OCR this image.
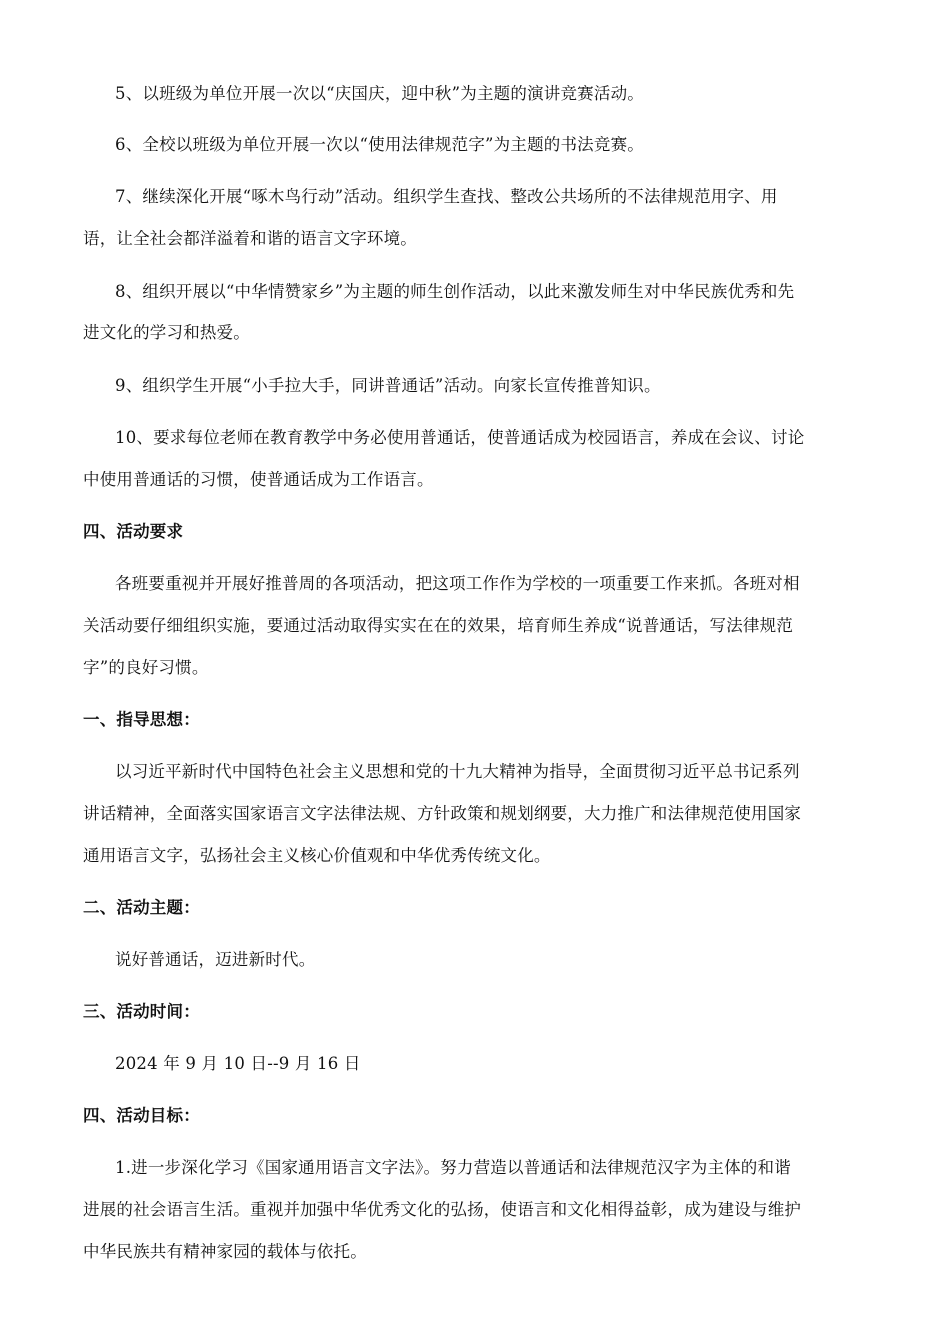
5、以班级为单位开展一次以“庆国庆，迎中秋”为主题的演讲竞赛活动。
6、全校以班级为单位开展一次以“使用法律规范字”为主题的书法竞赛。
7、继续深化开展“啄木鸟行动”活动。组织学生查找、整改公共场所的不法律规范用字、用
语，让全社会都洋溢着和谐的语言文字环境。
8、组织开展以“中华情赞家乡”为主题的师生创作活动，以此来激发师生对中华民族优秀和先
进文化的学习和热爱。
9、组织学生开展“小手拉大手，同讲普通话”活动。向家长宣传推普知识。
10、要求每位老师在教育教学中务必使用普通话，使普通话成为校园语言，养成在会议、讨论
中使用普通话的习惯，使普通话成为工作语言。
四、活动要求
各班要重视并开展好推普周的各项活动，把这项工作作为学校的一项重要工作来抓。各班对相
关活动要仔细组织实施，要通过活动取得实实在在的效果，培育师生养成“说普通话，写法律规范
字”的良好习惯。
一、指导思想：
以习近平新时代中国特色社会主义思想和党的十九大精神为指导，全面贯彻习近平总书记系列
讲话精神，全面落实国家语言文字法律法规、方针政策和规划纲要，大力推广和法律规范使用国家
通用语言文字，弘扬社会主义核心价值观和中华优秀传统文化。
二、活动主题：
说好普通话，迈进新时代。
三、活动时间：
2024 年 9 月 10 日--9 月 16 日
四、活动目标：
1.进一步深化学习《国家通用语言文字法》。努力营造以普通话和法律规范汉字为主体的和谐
进展的社会语言生活。重视并加强中华优秀文化的弘扬，使语言和文化相得益彰，成为建设与维护
中华民族共有精神家园的载体与依托。
